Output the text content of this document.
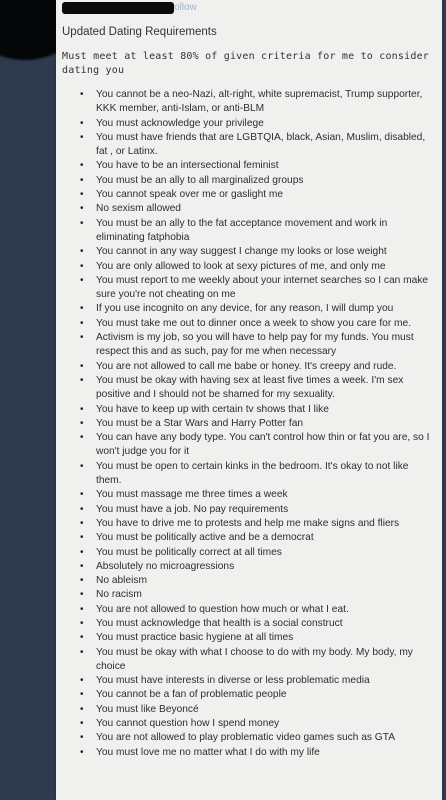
ollow
Updated Dating Requirements

Must meet at least 80% of given criteria for me to consider dating you

• You cannot be a neo-Nazi, alt-right, white supremacist, Trump supporter, KKK member, anti-Islam, or anti-BLM
• You must acknowledge your privilege
• You must have friends that are LGBTQIA, black, Asian, Muslim, disabled, fat , or Latinx.
• You have to be an intersectional feminist
• You must be an ally to all marginalized groups
• You cannot speak over me or gaslight me
• No sexism allowed
• You must be an ally to the fat acceptance movement and work in eliminating fatphobia
• You cannot in any way suggest I change my looks or lose weight
• You are only allowed to look at sexy pictures of me, and only me
• You must report to me weekly about your internet searches so I can make sure you're not cheating on me
• If you use incognito on any device, for any reason, I will dump you
• You must take me out to dinner once a week to show you care for me.
• Activism is my job, so you will have to help pay for my funds. You must respect this and as such, pay for me when necessary
• You are not allowed to call me babe or honey. It's creepy and rude.
• You must be okay with having sex at least five times a week. I'm sex positive and I should not be shamed for my sexuality.
• You have to keep up with certain tv shows that I like
• You must be a Star Wars and Harry Potter fan
• You can have any body type. You can't control how thin or fat you are, so I won't judge you for it
• You must be open to certain kinks in the bedroom. It's okay to not like them.
• You must massage me three times a week
• You must have a job. No pay requirements
• You have to drive me to protests and help me make signs and fliers
• You must be politically active and be a democrat
• You must be politically correct at all times
• Absolutely no microagressions
• No ableism
• No racism
• You are not allowed to question how much or what I eat.
• You must acknowledge that health is a social construct
• You must practice basic hygiene at all times
• You must be okay with what I choose to do with my body. My body, my choice
• You must have interests in diverse or less problematic media
• You cannot be a fan of problematic people
• You must like Beyoncé
• You cannot question how I spend money
• You are not allowed to play problematic video games such as GTA
• You must love me no matter what I do with my life
